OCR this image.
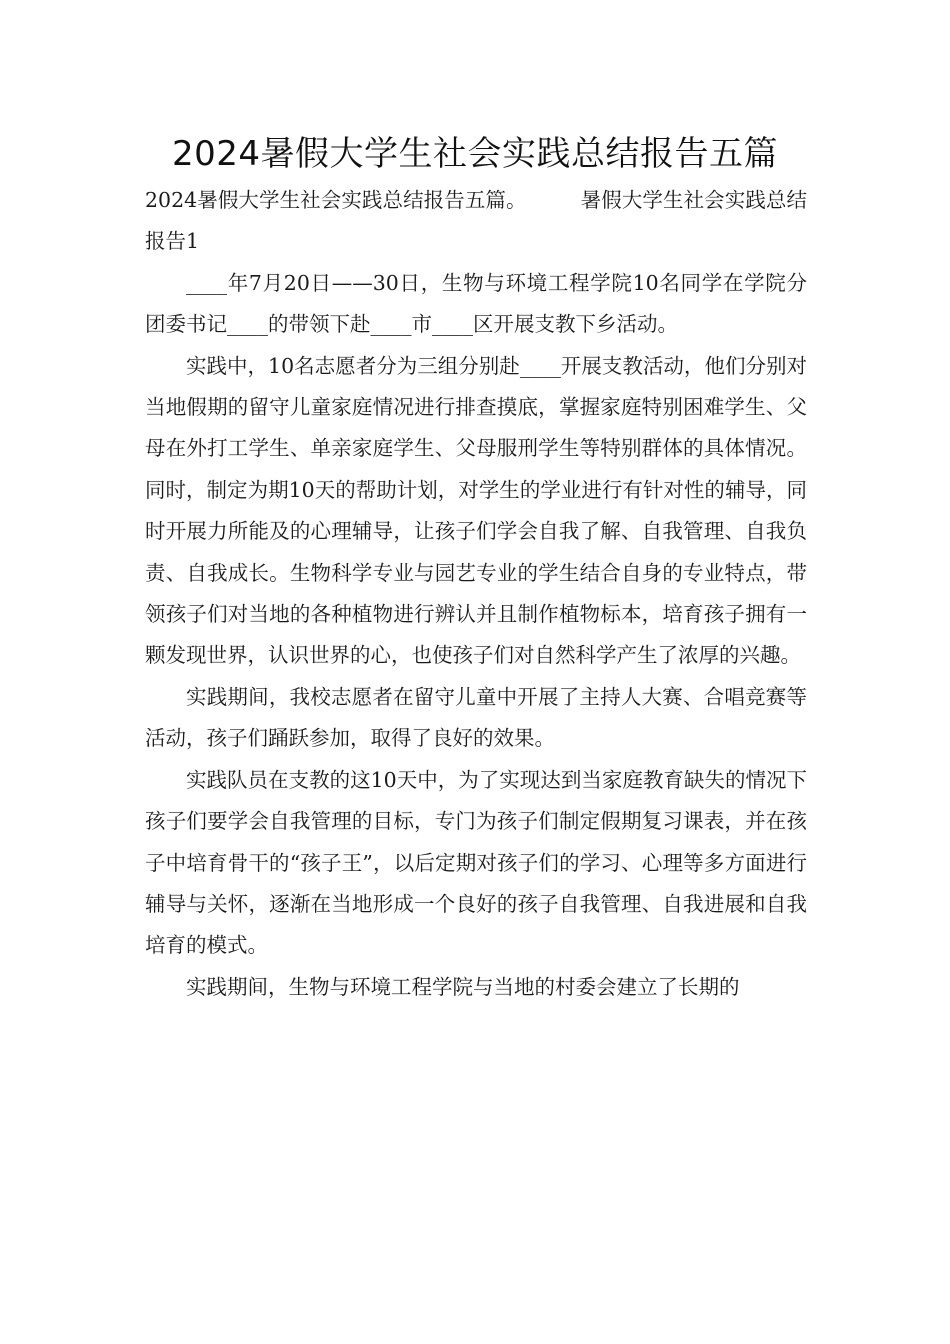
2024暑假大学生社会实践总结报告五篇

2024暑假大学生社会实践总结报告五篇。	暑假大学生社会实践总结报告1

____年7月20日——30日，生物与环境工程学院10名同学在学院分团委书记____的带领下赴____市____区开展支教下乡活动。

实践中，10名志愿者分为三组分别赴____开展支教活动，他们分别对当地假期的留守儿童家庭情况进行排查摸底，掌握家庭特别困难学生、父母在外打工学生、单亲家庭学生、父母服刑学生等特别群体的具体情况。同时，制定为期10天的帮助计划，对学生的学业进行有针对性的辅导，同时开展力所能及的心理辅导，让孩子们学会自我了解、自我管理、自我负责、自我成长。生物科学专业与园艺专业的学生结合自身的专业特点，带领孩子们对当地的各种植物进行辨认并且制作植物标本，培育孩子拥有一颗发现世界，认识世界的心，也使孩子们对自然科学产生了浓厚的兴趣。

实践期间，我校志愿者在留守儿童中开展了主持人大赛、合唱竞赛等活动，孩子们踊跃参加，取得了良好的效果。

实践队员在支教的这10天中，为了实现达到当家庭教育缺失的情况下孩子们要学会自我管理的目标，专门为孩子们制定假期复习课表，并在孩子中培育骨干的“孩子王”，以后定期对孩子们的学习、心理等多方面进行辅导与关怀，逐渐在当地形成一个良好的孩子自我管理、自我进展和自我培育的模式。

实践期间，生物与环境工程学院与当地的村委会建立了长期的
